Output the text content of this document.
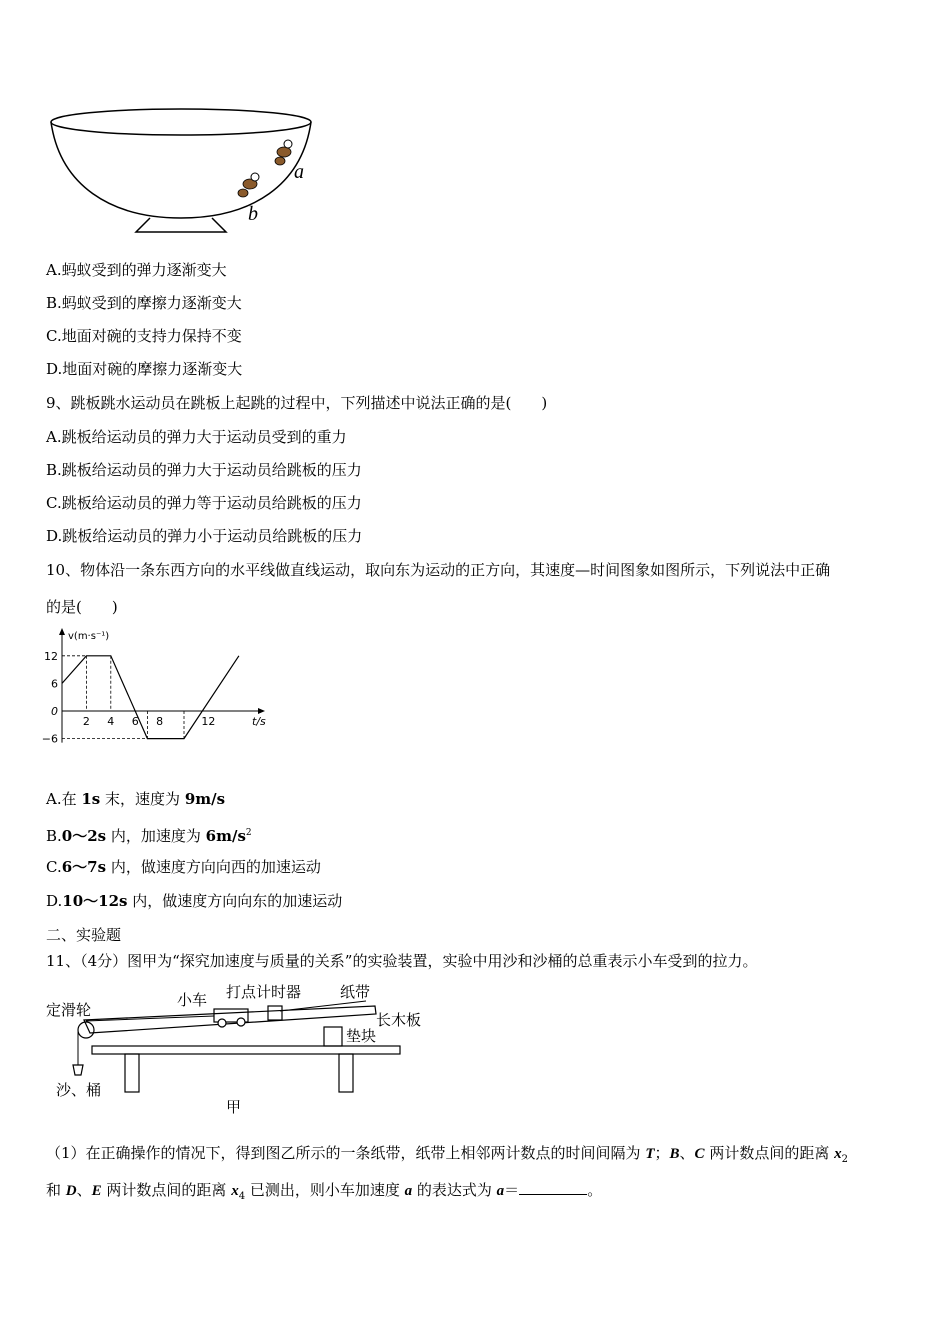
a
b
A.蚂蚁受到的弹力逐渐变大
B.蚂蚁受到的摩擦力逐渐变大
C.地面对碗的支持力保持不变
D.地面对碗的摩擦力逐渐变大
9、跳板跳水运动员在跳板上起跳的过程中，下列描述中说法正确的是(　　)
A.跳板给运动员的弹力大于运动员受到的重力
B.跳板给运动员的弹力大于运动员给跳板的压力
C.跳板给运动员的弹力等于运动员给跳板的压力
D.跳板给运动员的弹力小于运动员给跳板的压力
10、物体沿一条东西方向的水平线做直线运动，取向东为运动的正方向，其速度—时间图象如图所示，下列说法中正确
的是(　　)
12
6
0
−6
2 4 6 8	12
v(m·s⁻¹)
t/s
A.在 1s 末，速度为 9m/s
B.0～2s 内，加速度为 $6m/s^2$
C.6～7s 内，做速度方向向西的加速运动
D.10～12s 内，做速度方向向东的加速运动
二、实验题
11、（4分）图甲为“探究加速度与质量的关系”的实验装置，实验中用沙和沙桶的总重表示小车受到的拉力。
定滑轮
小车 打点计时器	纸带
长木板
垫块
沙、桶
甲
（1）在正确操作的情况下，得到图乙所示的一条纸带，纸带上相邻两计数点的时间间隔为 T；B、C 两计数点间的距离 $x_2$
和 D、E 两计数点间的距离 $x_4$ 已测出，则小车加速度 a 的表达式为 a＝	。
